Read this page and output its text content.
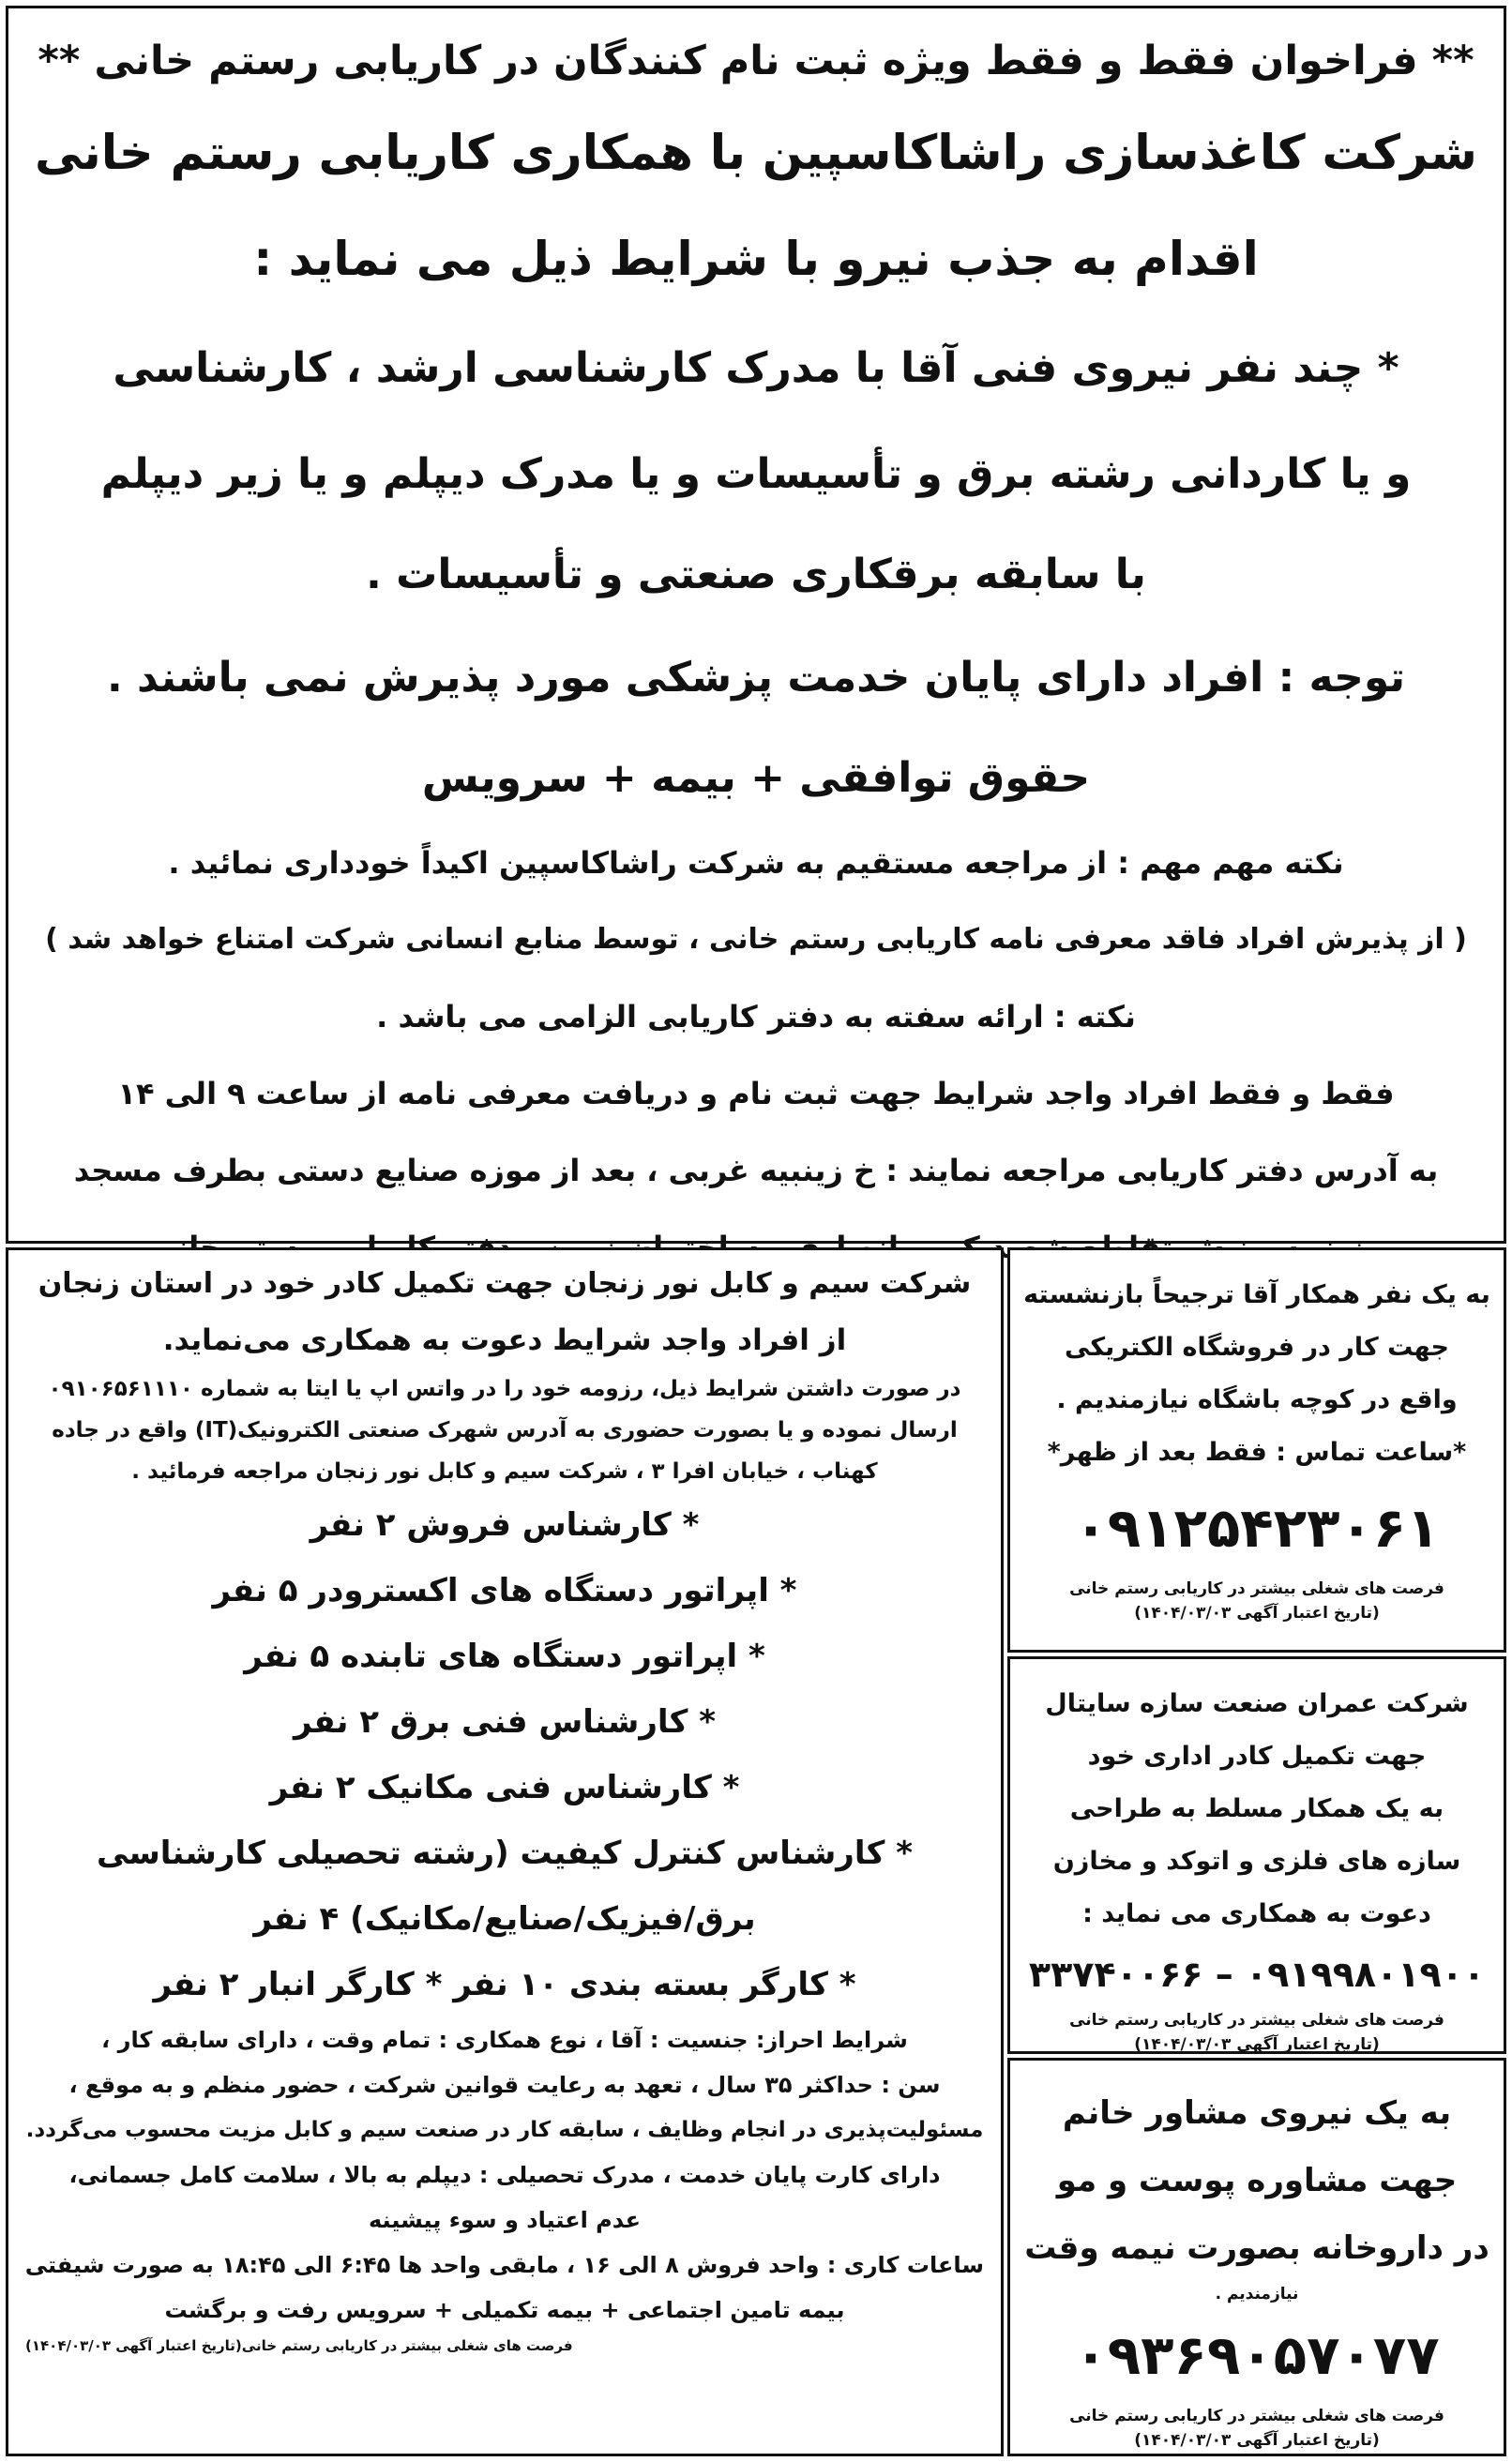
** فراخوان فقط و فقط ویژه ثبت نام کنندگان در کاریابی رستم خانی **

شرکت کاغذسازی راشاکاسپین با همکاری کاریابی رستم خانی

اقدام به جذب نیرو با شرایط ذیل می نماید :

* چند نفر نیروی فنی آقا با مدرک کارشناسی ارشد ، کارشناسی

و یا کاردانی رشته برق و تأسیسات و یا مدرک دیپلم و یا زیر دیپلم

با سابقه برقکاری صنعتی و تأسیسات .

توجه : افراد دارای پایان خدمت پزشکی مورد پذیرش نمی باشند .

حقوق توافقی + بیمه + سرویس

نکته مهم مهم : از مراجعه مستقیم به شرکت راشاکاسپین اکیداً خودداری نمائید .

( از پذیرش افراد فاقد معرفی نامه کاریابی رستم خانی ، توسط منابع انسانی شرکت امتناع خواهد شد )

نکته : ارائه سفته به دفتر کاریابی الزامی می باشد .

فقط و فقط افراد واجد شرایط جهت ثبت نام و دریافت معرفی نامه از ساعت ۹ الی ۱۴

به آدرس دفتر کاریابی مراجعه نمایند : خ زینبیه غربی ، بعد از موزه صنایع دستی بطرف مسجد

شرکت سیم و کابل نور زنجان جهت تکمیل کادر خود در استان زنجان

از افراد واجد شرایط دعوت به همکاری می‌نماید.

در صورت داشتن شرایط ذیل، رزومه خود را در واتس اپ یا ایتا به شماره ۰۹۱۰۶۵۶۱۱۱۰

ارسال نموده و یا بصورت حضوری به آدرس شهرک صنعتی الکترونیک(IT) واقع در جاده

کهناب ، خیابان افرا ۳ ، شرکت سیم و کابل نور زنجان مراجعه فرمائید .

* کارشناس فروش ۲ نفر

* اپراتور دستگاه های اکسترودر ۵ نفر

* اپراتور دستگاه های تابنده ۵ نفر

* کارشناس فنی برق ۲ نفر

* کارشناس فنی مکانیک ۲ نفر

* کارشناس کنترل کیفیت (رشته تحصیلی کارشناسی

برق/فیزیک/صنایع/مکانیک) ۴ نفر

* کارگر بسته بندی ۱۰ نفر * کارگر انبار ۲ نفر

شرایط احراز: جنسیت : آقا ، نوع همکاری : تمام وقت ، دارای سابقه کار ،

سن : حداکثر ۳۵ سال ، تعهد به رعایت قوانین شرکت ، حضور منظم و به موقع ،

مسئولیت‌پذیری در انجام وظایف ، سابقه کار در صنعت سیم و کابل مزیت محسوب می‌گردد.

دارای کارت پایان خدمت ، مدرک تحصیلی : دیپلم به بالا ، سلامت کامل جسمانی،

عدم اعتیاد و سوء پیشینه

ساعات کاری : واحد فروش ۸ الی ۱۶ ، مابقی واحد ها ۶:۴۵ الی ۱۸:۴۵ به صورت شیفتی

بیمه تامین اجتماعی + بیمه تکمیلی + سرویس رفت و برگشت

فرصت های شغلی بیشتر در کاریابی رستم خانی(تاریخ اعتبار آگهی ۱۴۰۴/۰۳/۰۳)

به یک نفر همکار آقا ترجیحاً بازنشسته

جهت کار در فروشگاه الکتریکی

واقع در کوچه باشگاه نیازمندیم .

*ساعت تماس : فقط بعد از ظهر*

۰۹۱۲۵۴۲۳۰۶۱

فرصت های شغلی بیشتر در کاریابی رستم خانی

(تاریخ اعتبار آگهی ۱۴۰۴/۰۳/۰۳)

شرکت عمران صنعت سازه سایتال

جهت تکمیل کادر اداری خود

به یک همکار مسلط به طراحی

سازه های فلزی و اتوکد و مخازن

دعوت به همکاری می نماید :

۰۹۱۹۹۸۰۱۹۰۰ – ۳۳۷۴۰۰۶۶

فرصت های شغلی بیشتر در کاریابی رستم خانی

(تاریخ اعتبار آگهی ۱۴۰۴/۰۳/۰۳)

به یک نیروی مشاور خانم

جهت مشاوره پوست و مو

در داروخانه بصورت نیمه وقت

نیازمندیم .

۰۹۳۶۹۰۵۷۰۷۷

فرصت های شغلی بیشتر در کاریابی رستم خانی

(تاریخ اعتبار آگهی ۱۴۰۴/۰۳/۰۳)
